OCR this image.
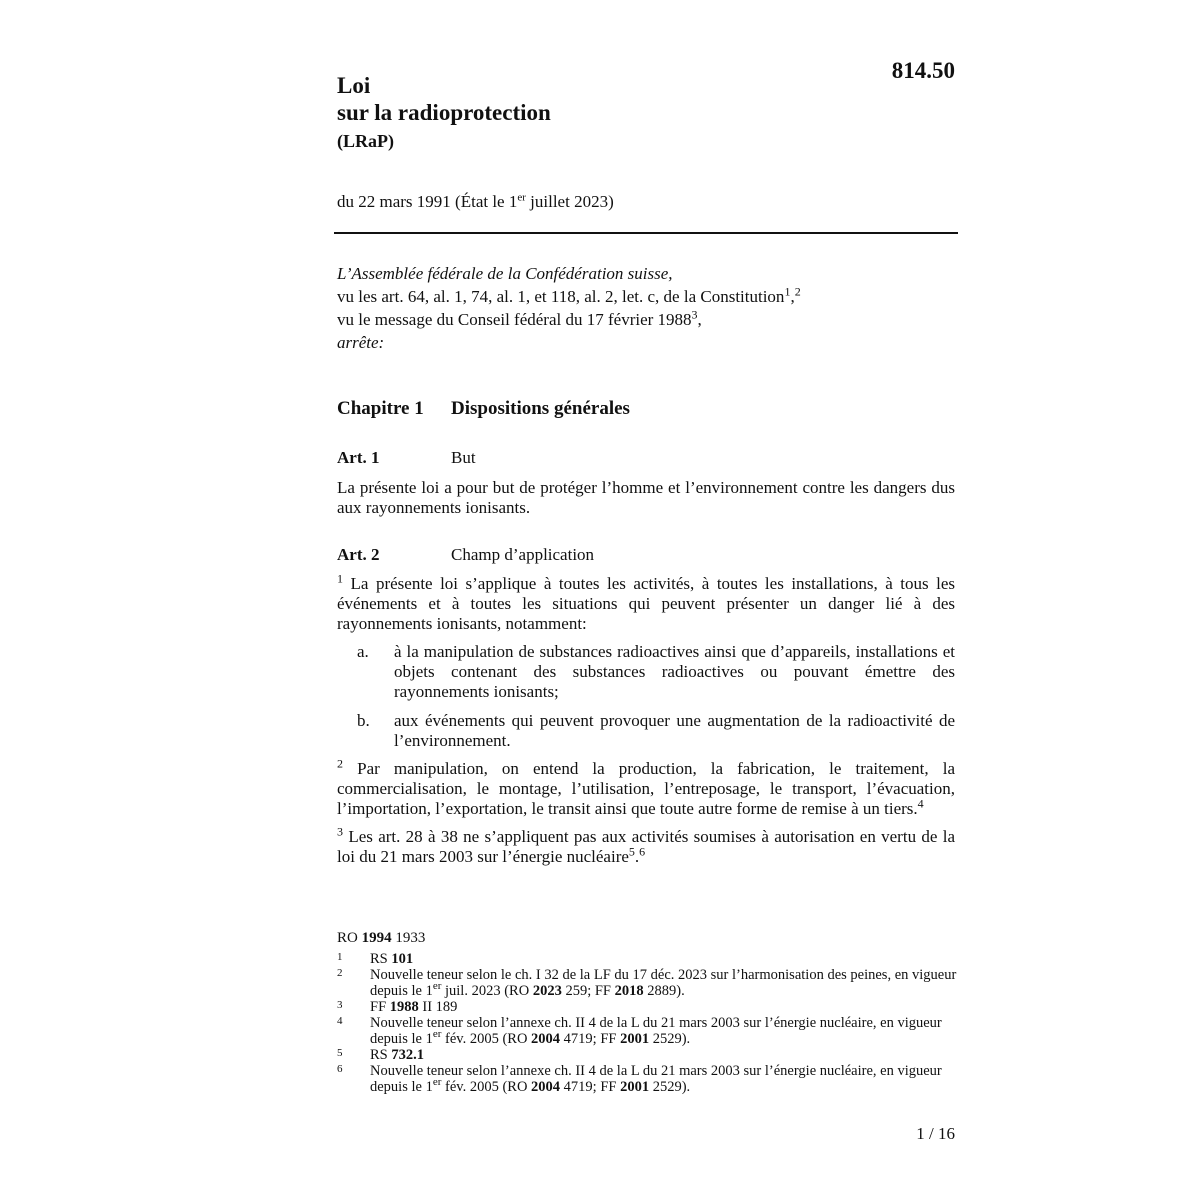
814.50
Loi
sur la radioprotection
(LRaP)
du 22 mars 1991 (État le 1er juillet 2023)
L’Assemblée fédérale de la Confédération suisse,
vu les art. 64, al. 1, 74, al. 1, et 118, al. 2, let. c, de la Constitution$^1$,$^2$
vu le message du Conseil fédéral du 17 février 1988$^3$,
arrête:
Chapitre 1 Dispositions générales
Art. 1	But
La présente loi a pour but de protéger l’homme et l’environnement contre les dangers dus aux rayonnements ionisants.
Art. 2	Champ d’application
$^1$ La présente loi s’applique à toutes les activités, à toutes les installations, à tous les événements et à toutes les situations qui peuvent présenter un danger lié à des rayonnements ionisants, notamment:
a.	à la manipulation de substances radioactives ainsi que d’appareils, installations et objets contenant des substances radioactives ou pouvant émettre des rayonnements ionisants;
b.	aux événements qui peuvent provoquer une augmentation de la radioactivité de l’environnement.
$^2$ Par manipulation, on entend la production, la fabrication, le traitement, la commercialisation, le montage, l’utilisation, l’entreposage, le transport, l’évacuation, l’importation, l’exportation, le transit ainsi que toute autre forme de remise à un tiers.$^4$
$^3$ Les art. 28 à 38 ne s’appliquent pas aux activités soumises à autorisation en vertu de la loi du 21 mars 2003 sur l’énergie nucléaire$^5$.$^6$
RO 1994 1933
1 RS 101
2 Nouvelle teneur selon le ch. I 32 de la LF du 17 déc. 2023 sur l’harmonisation des peines, en vigueur depuis le 1er juil. 2023 (RO 2023 259; FF 2018 2889).
3 FF 1988 II 189
4 Nouvelle teneur selon l’annexe ch. II 4 de la L du 21 mars 2003 sur l’énergie nucléaire, en vigueur depuis le 1er fév. 2005 (RO 2004 4719; FF 2001 2529).
5 RS 732.1
6 Nouvelle teneur selon l’annexe ch. II 4 de la L du 21 mars 2003 sur l’énergie nucléaire, en vigueur depuis le 1er fév. 2005 (RO 2004 4719; FF 2001 2529).
1 / 16
